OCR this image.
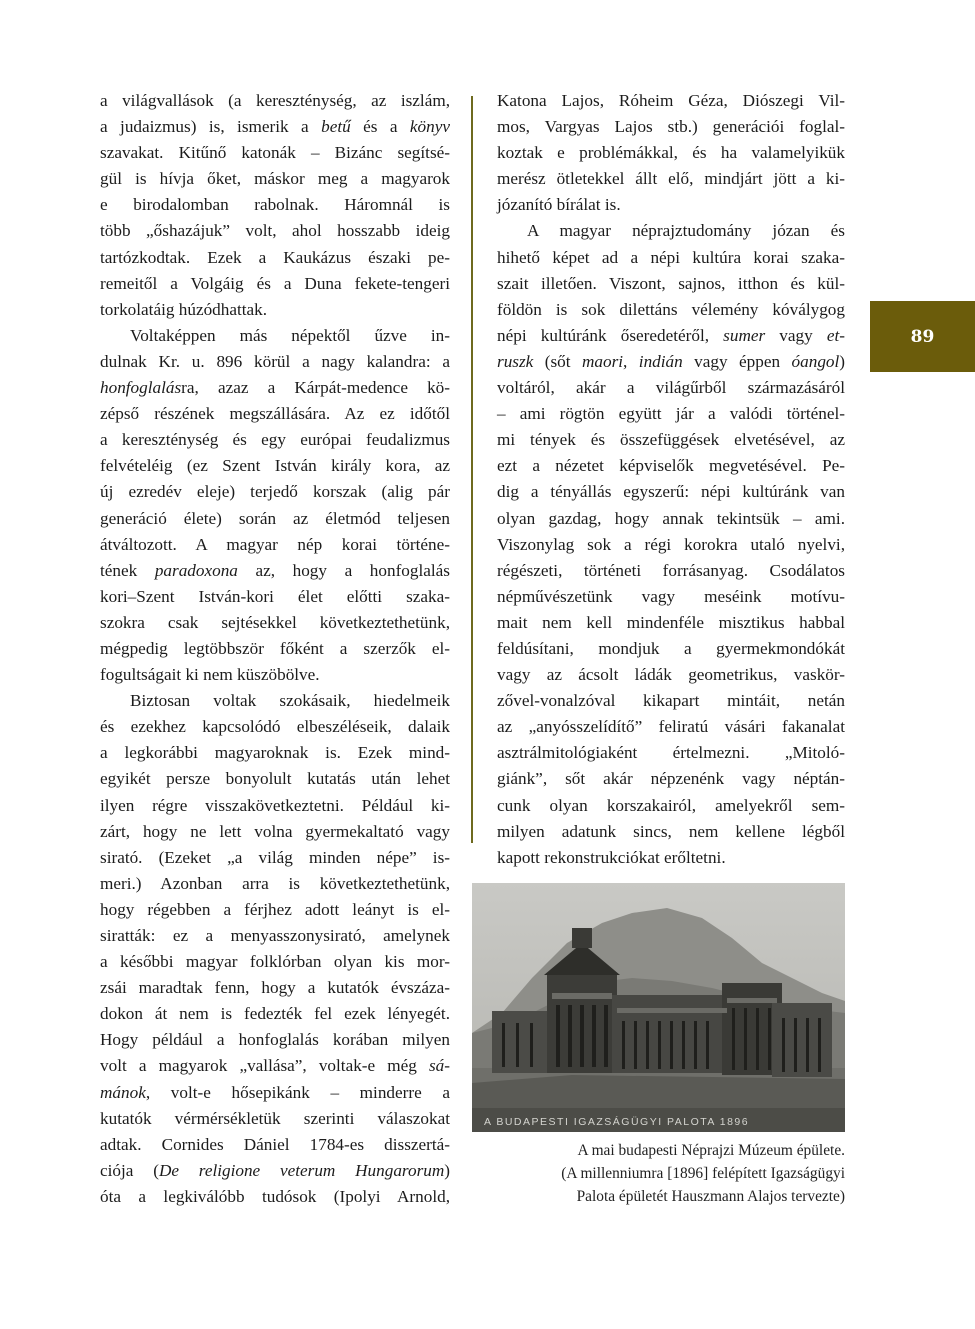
a világvallások (a kereszténység, az iszlám,
a judaizmus) is, ismerik a betű és a könyv
szavakat. Kitűnő katonák – Bizánc segítsé-
gül is hívja őket, máskor meg a magyarok
e birodalomban rabolnak. Háromnál is
több „őshazájuk” volt, ahol hosszabb ideig
tartózkodtak. Ezek a Kaukázus északi pe-
remeitől a Volgáig és a Duna fekete-tengeri
torkolatáig húzódhattak.
Voltaképpen más népektől űzve in-
dulnak Kr. u. 896 körül a nagy kalandra: a
honfoglalásra, azaz a Kárpát-medence kö-
zépső részének megszállására. Az ez időtől
a kereszténység és egy európai feudalizmus
felvételéig (ez Szent István király kora, az
új ezredév eleje) terjedő korszak (alig pár
generáció élete) során az életmód teljesen
átváltozott. A magyar nép korai történe-
tének paradoxona az, hogy a honfoglalás
kori–Szent István-kori élet előtti szaka-
szokra csak sejtésekkel következtethetünk,
mégpedig legtöbbször főként a szerzők el-
fogultságait ki nem küszöbölve.
Biztosan voltak szokásaik, hiedelmeik
és ezekhez kapcsolódó elbeszéléseik, dalaik
a legkorábbi magyaroknak is. Ezek mind-
egyikét persze bonyolult kutatás után lehet
ilyen régre visszakövetkeztetni. Például ki-
zárt, hogy ne lett volna gyermekaltató vagy
sirató. (Ezeket „a világ minden népe” is-
meri.) Azonban arra is következtethetünk,
hogy régebben a férjhez adott leányt is el-
siratták: ez a menyasszonysirató, amelynek
a későbbi magyar folklórban olyan kis mor-
zsái maradtak fenn, hogy a kutatók évszáza-
dokon át nem is fedezték fel ezek lényegét.
Hogy például a honfoglalás korában milyen
volt a magyarok „vallása”, voltak-e még sá-
mánok, volt-e hősepikánk – minderre a
kutatók vérmérsékletük szerinti válaszokat
adtak. Cornides Dániel 1784-es disszertá-
ciója (De religione veterum Hungarorum)
óta a legkiválóbb tudósok (Ipolyi Arnold,
Katona Lajos, Róheim Géza, Diószegi Vil-
mos, Vargyas Lajos stb.) generációi foglal-
koztak e problémákkal, és ha valamelyikük
merész ötletekkel állt elő, mindjárt jött a ki-
józanító bírálat is.
A magyar néprajztudomány józan és
hihető képet ad a népi kultúra korai szaka-
szait illetően. Viszont, sajnos, itthon és kül-
földön is sok dilettáns vélemény kóválygog
népi kultúránk őseredetéről, sumer vagy et-
ruszk (sőt maori, indián vagy éppen óangol)
voltáról, akár a világűrből származásáról
– ami rögtön együtt jár a valódi történel-
mi tények és összefüggések elvetésével, az
ezt a nézetet képviselők megvetésével. Pe-
dig a tényállás egyszerű: népi kultúránk van
olyan gazdag, hogy annak tekintsük – ami.
Viszonylag sok a régi korokra utaló nyelvi,
régészeti, történeti forrásanyag. Csodálatos
népművészetünk vagy meséink motívu-
mait nem kell mindenféle misztikus habbal
feldúsítani, mondjuk a gyermekmondókát
vagy az ácsolt ládák geometrikus, vaskör-
zővel-vonalzóval kikapart mintáit, netán
az „anyósszelídítő” feliratú vásári fakanalat
asztrálmitológiaként értelmezni. „Mitoló-
giánk”, sőt akár népzenénk vagy néptán-
cunk olyan korszakairól, amelyekről sem-
milyen adatunk sincs, nem kellene légből
kapott rekonstrukciókat erőltetni.
89
A BUDAPESTI IGAZSÁGÜGYI PALOTA 1896
A mai budapesti Néprajzi Múzeum épülete.
(A millenniumra [1896] felépített Igazságügyi
Palota épületét Hauszmann Alajos tervezte)
